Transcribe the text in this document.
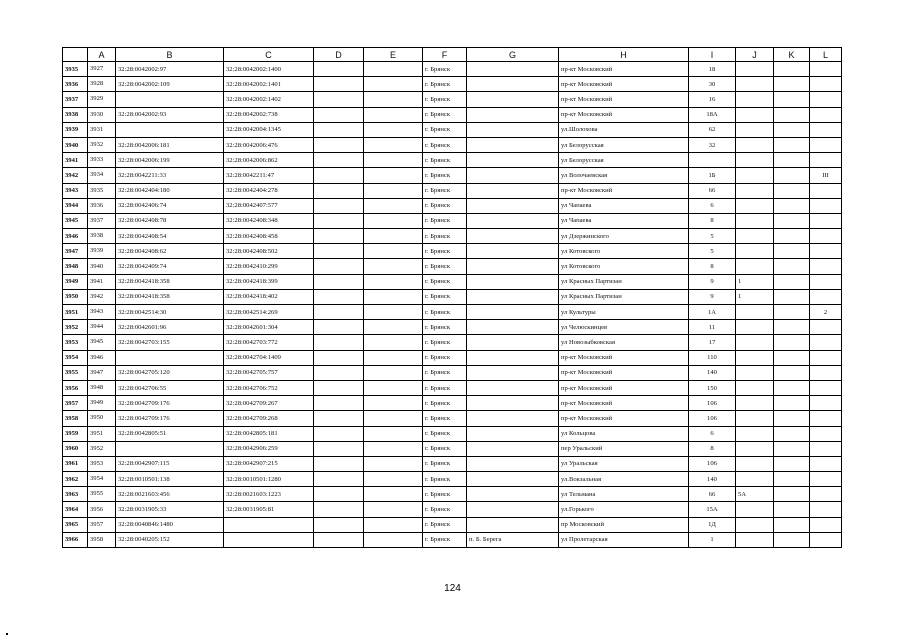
	A	B	C	D	E	F	G	H	I	J	K	L
3935	3927	32:28:0042002:97	32:28:0042002:1400			г. Брянск		пр-кт Московский	18			
3936	3928	32:28:0042002:109	32:28:0042002:1401			г. Брянск		пр-кт Московский	30			
3937	3929		32:28:0042002:1402			г. Брянск		пр-кт Московский	16			
3938	3930	32:28:0042002:93	32:28:0042002:738			г. Брянск		пр-кт Московский	18А			
3939	3931		32:28:0042004:1345			г. Брянск		ул.Шолохова	62			
3940	3932	32:28:0042006:181	32:28:0042006:476			г. Брянск		ул Белорусская	32			
3941	3933	32:28:0042006:199	32:28:0042006:862			г. Брянск		ул Белорусская				
3942	3934	32:28:0042211:33	32:28:0042211:47			г. Брянск		ул Волочаевская	1Б			III
3943	3935	32:28:0042404:180	32:28:0042404:278			г. Брянск		пр-кт Московский	66			
3944	3936	32:28:0042406:74	32:28:0042407:577			г. Брянск		ул Чапаева	6			
3945	3937	32:28:0042408:78	32:28:0042408:348			г. Брянск		ул Чапаева	8			
3946	3938	32:28:0042408:54	32:28:0042408:458			г. Брянск		ул Дзержинского	5			
3947	3939	32:28:0042408:62	32:28:0042408:502			г. Брянск		ул Котовского	5			
3948	3940	32:28:0042409:74	32:28:0042410:299			г. Брянск		ул Котовского	8			
3949	3941	32:28:0042418:358	32:28:0042418:399			г. Брянск		ул Красных Партизан	9	1		
3950	3942	32:28:0042418:358	32:28:0042418:402			г. Брянск		ул Красных Партизан	9	1		
3951	3943	32:28:0042514:30	32:28:0042514:269			г. Брянск		ул Культуры	1А			2
3952	3944	32:28:0042601:96	32:28:0042601:304			г. Брянск		ул Челюскинцев	11			
3953	3945	32:28:0042703:155	32:28:0042703:772			г. Брянск		ул Новозыбковская	17			
3954	3946		32:28:0042704:1409			г. Брянск		пр-кт Московский	110			
3955	3947	32:28:0042705:120	32:28:0042705:757			г. Брянск		пр-кт Московский	140			
3956	3948	32:28:0042706:55	32:28:0042706:752			г. Брянск		пр-кт Московский	150			
3957	3949	32:28:0042709:176	32:28:0042709:267			г. Брянск		пр-кт Московский	106			
3958	3950	32:28:0042709:176	32:28:0042709:268			г. Брянск		пр-кт Московский	106			
3959	3951	32:28:0042805:51	32:28:0042805:181			г. Брянск		ул Кольцова	6			
3960	3952		32:28:0042906:259			г. Брянск		пер Уральский	8			
3961	3953	32:28:0042907:115	32:28:0042907:215			г. Брянск		ул Уральская	106			
3962	3954	32:28:0010501:138	32:28:0010501:1280			г. Брянск		ул.Вокзальная	140			
3963	3955	32:28:0021603:456	32:28:0021603:1223			г. Брянск		ул Тельмана	66	5А		
3964	3956	32:28:0031905:33	32:28:0031905:81			г. Брянск		ул.Горького	15А			
3965	3957	32:28:0040846:1480				г. Брянск		пр Московский	1Д			
3966	3958	32:28:0040205:152				г. Брянск	п. Б. Берега	ул Пролетарская	1			
124
